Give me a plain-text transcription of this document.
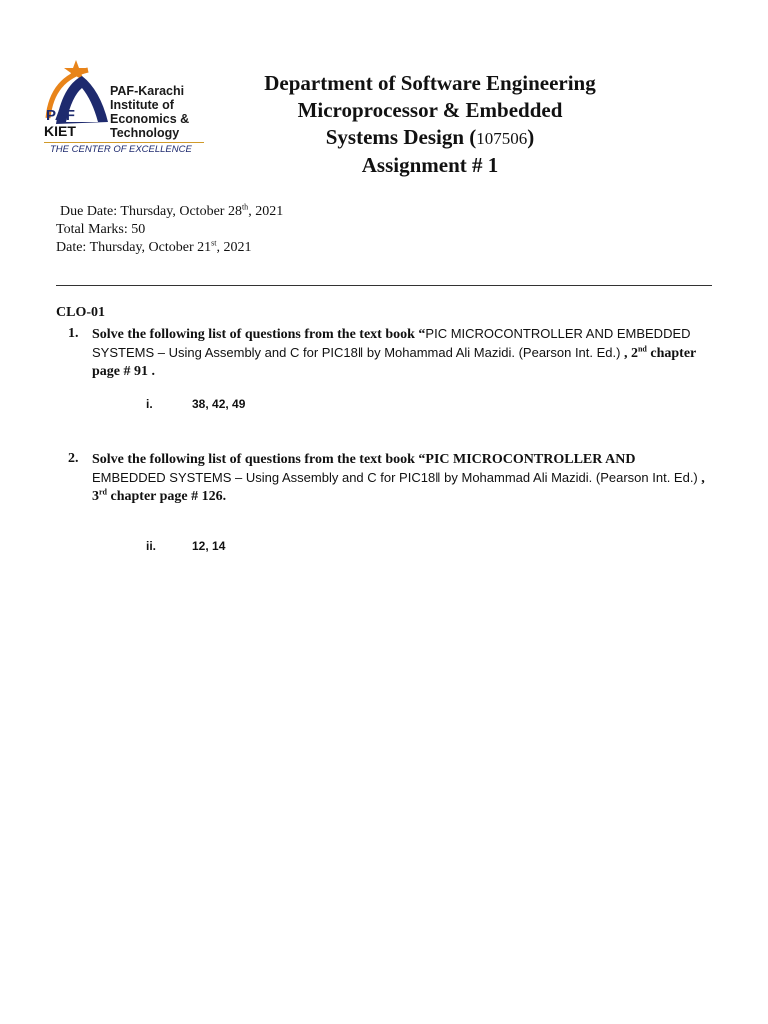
PAF
KIET
PAF-Karachi
Institute of
Economics &
Technology
THE CENTER OF EXCELLENCE
Department of Software Engineering
Microprocessor & Embedded
Systems Design (107506)
Assignment # 1
Due Date: Thursday, October 28th, 2021
Total Marks: 50
Date: Thursday, October 21st, 2021
CLO-01
1. Solve the following list of questions from the text book “PIC MICROCONTROLLER AND EMBEDDED SYSTEMS – Using Assembly and C for PIC18‖ by Mohammad Ali Mazidi. (Pearson Int. Ed.) , 2nd chapter page # 91 .
i.	38, 42, 49
2. Solve the following list of questions from the text book “PIC MICROCONTROLLER AND EMBEDDED SYSTEMS – Using Assembly and C for PIC18‖ by Mohammad Ali Mazidi. (Pearson Int. Ed.) , 3rd chapter page # 126.
ii.	12, 14
